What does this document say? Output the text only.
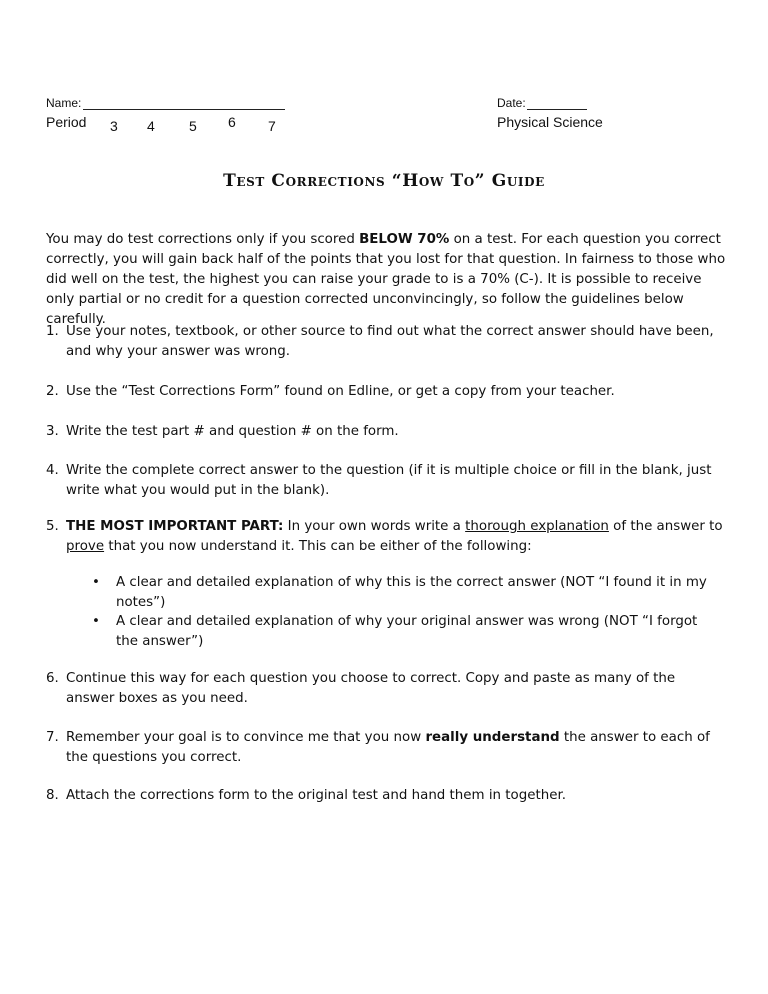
Name:	Date:
Period 3 4 5 6 7	Physical Science
Test Corrections “How To” Guide
You may do test corrections only if you scored BELOW 70% on a test. For each question you correct correctly, you will gain back half of the points that you lost for that question. In fairness to those who did well on the test, the highest you can raise your grade to is a 70% (C-). It is possible to receive only partial or no credit for a question corrected unconvincingly, so follow the guidelines below carefully.
1. Use your notes, textbook, or other source to find out what the correct answer should have been, and why your answer was wrong.
2. Use the “Test Corrections Form” found on Edline, or get a copy from your teacher.
3. Write the test part # and question # on the form.
4. Write the complete correct answer to the question (if it is multiple choice or fill in the blank, just write what you would put in the blank).
5. THE MOST IMPORTANT PART: In your own words write a thorough explanation of the answer to prove that you now understand it. This can be either of the following:
• A clear and detailed explanation of why this is the correct answer (NOT “I found it in my notes”)
• A clear and detailed explanation of why your original answer was wrong (NOT “I forgot the answer”)
6. Continue this way for each question you choose to correct. Copy and paste as many of the answer boxes as you need.
7. Remember your goal is to convince me that you now really understand the answer to each of the questions you correct.
8. Attach the corrections form to the original test and hand them in together.
